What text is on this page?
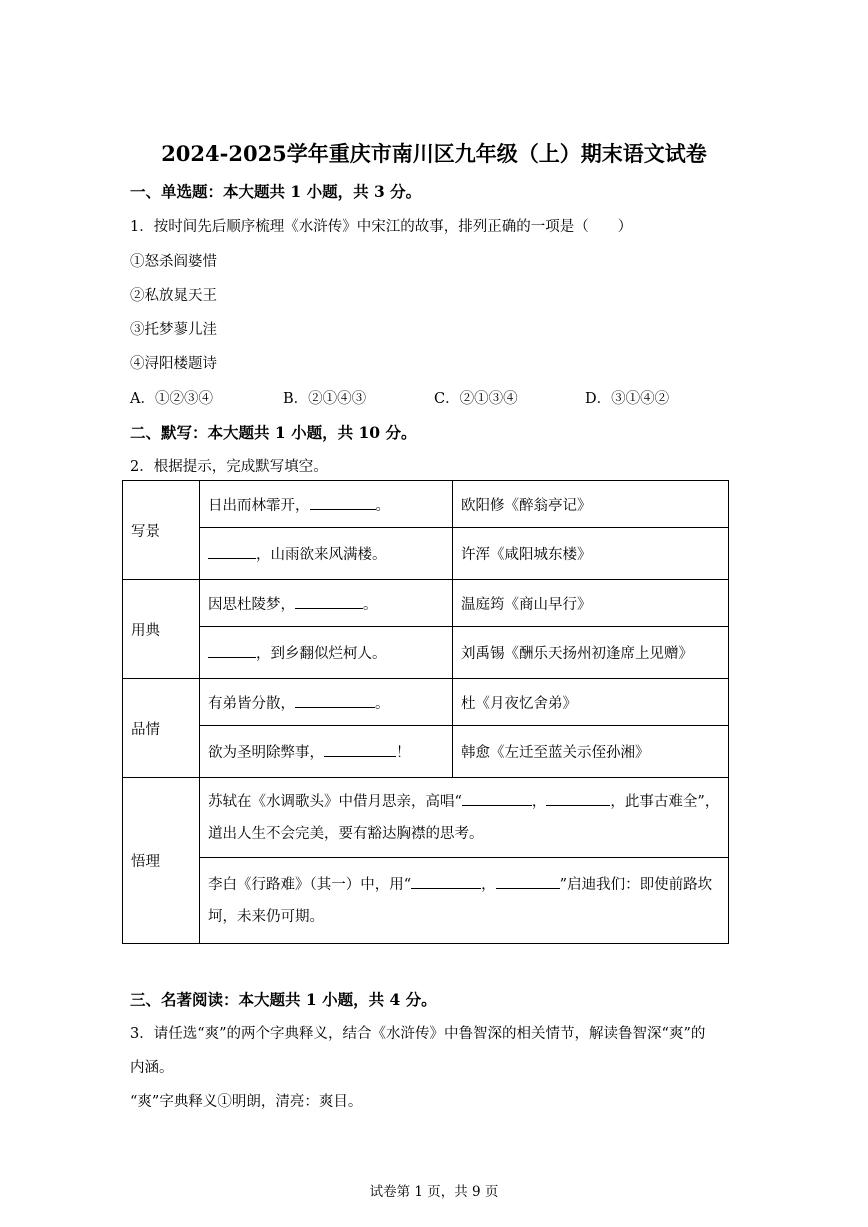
2024-2025学年重庆市南川区九年级（上）期末语文试卷
一、单选题：本大题共 1 小题，共 3 分。
1．按时间先后顺序梳理《水浒传》中宋江的故事，排列正确的一项是（　　）
①怒杀阎婆惜
②私放晁天王
③托梦蓼儿洼
④浔阳楼题诗
A．①②③④	B．②①④③	C．②①③④	D．③①④②
二、默写：本大题共 1 小题，共 10 分。
2．根据提示，完成默写填空。
写景	日出而林霏开， 。	欧阳修《醉翁亭记》
	，山雨欲来风满楼。	许浑《咸阳城东楼》
用典	因思杜陵梦， 。	温庭筠《商山早行》
	，到乡翻似烂柯人。	刘禹锡《酬乐天扬州初逢席上见赠》
品情	有弟皆分散， 。	杜《月夜忆舍弟》
	欲为圣明除弊事， ！	韩愈《左迁至蓝关示侄孙湘》
悟理	苏轼在《水调歌头》中借月思亲，高唱“ ， ，此事古难全”，
道出人生不会完美，要有豁达胸襟的思考。	
	李白《行路难》（其一）中，用“ ， ”启迪我们：即使前路坎
坷，未来仍可期。	
三、名著阅读：本大题共 1 小题，共 4 分。
3．请任选“爽”的两个字典释义，结合《水浒传》中鲁智深的相关情节，解读鲁智深“爽”的
内涵。
“爽”字典释义①明朗，清亮：爽目。
试卷第 1 页，共 9 页
